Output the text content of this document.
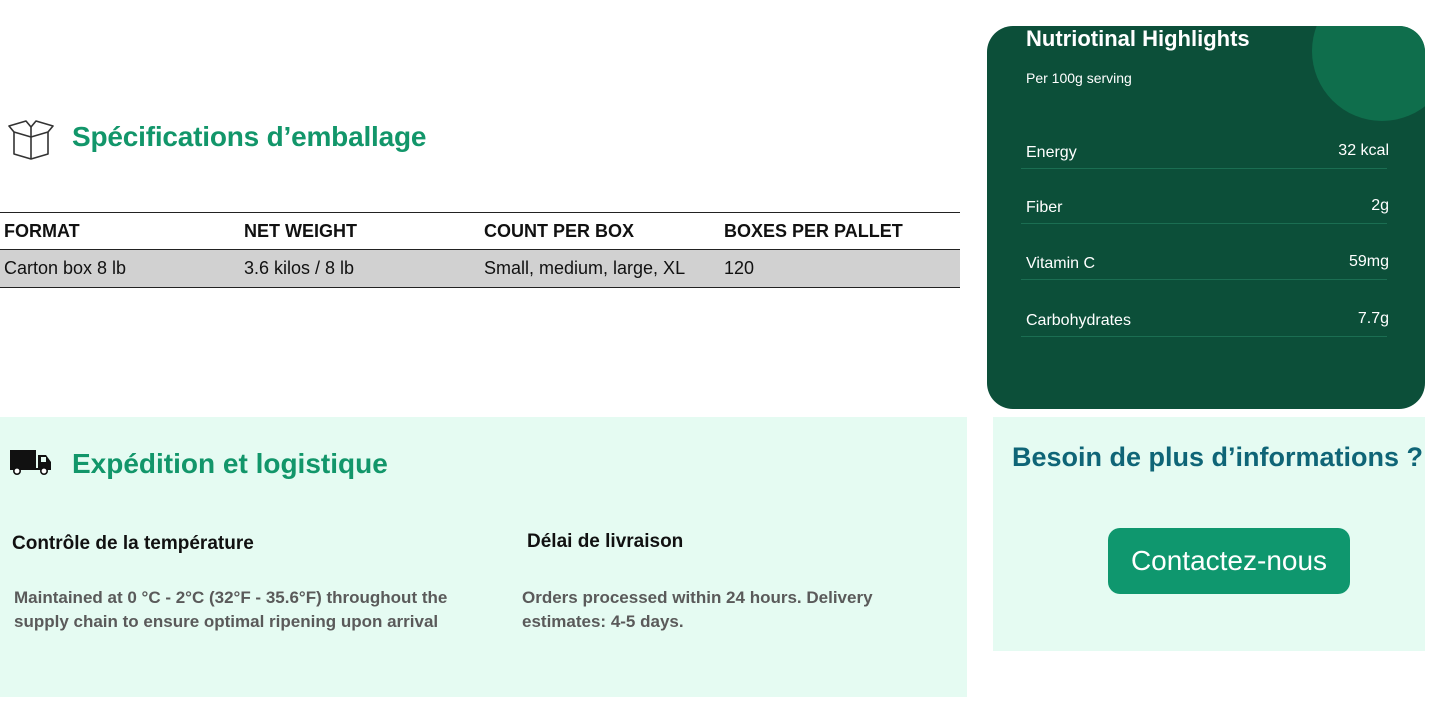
Spécifications d’emballage
FORMAT	NET WEIGHT	COUNT PER BOX	BOXES PER PALLET
Carton box 8 lb	3.6 kilos / 8 lb	Small, medium, large, XL	120
Expédition et logistique
Contrôle de la température
Maintained at 0 °C - 2°C (32°F - 35.6°F) throughout the supply chain to ensure optimal ripening upon arrival
Délai de livraison
Orders processed within 24 hours. Delivery estimates: 4-5 days.
Nutriotinal Highlights
Per 100g serving
Energy	32 kcal
Fiber	2g
Vitamin C	59mg
Carbohydrates	7.7g
Besoin de plus d’informations ?
Contactez-nous
